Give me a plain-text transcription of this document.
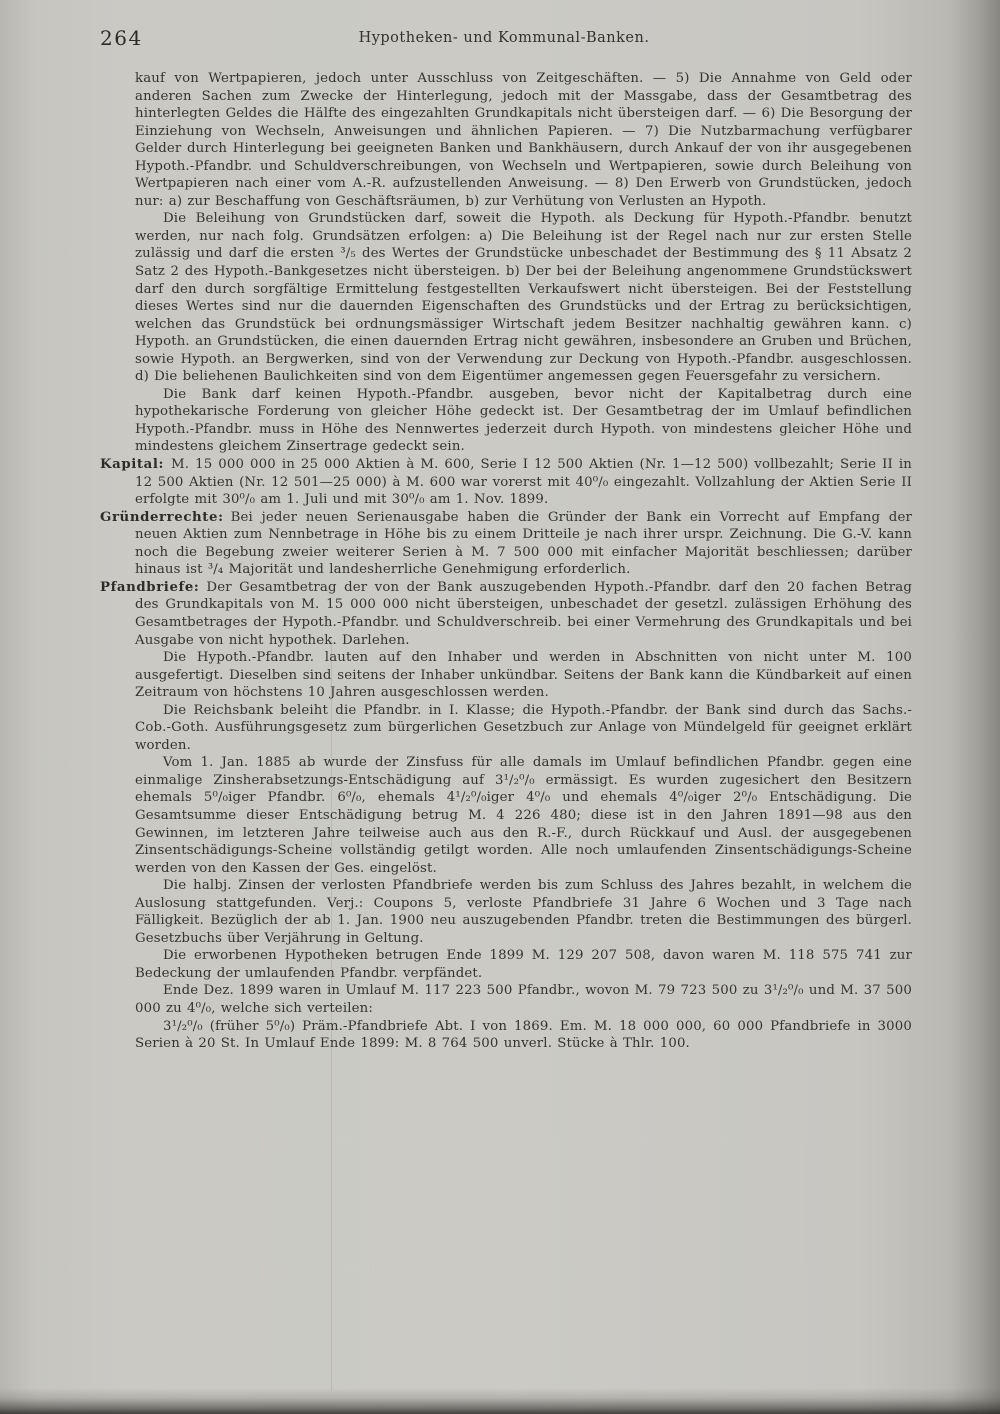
264	Hypotheken- und Kommunal-Banken.

kauf von Wertpapieren, jedoch unter Ausschluss von Zeitgeschäften. — 5) Die Annahme von Geld oder anderen Sachen zum Zwecke der Hinterlegung, jedoch mit der Massgabe, dass der Gesamtbetrag des hinterlegten Geldes die Hälfte des eingezahlten Grundkapitals nicht übersteigen darf. — 6) Die Besorgung der Einziehung von Wechseln, Anweisungen und ähnlichen Papieren. — 7) Die Nutzbarmachung verfügbarer Gelder durch Hinterlegung bei geeigneten Banken und Bankhäusern, durch Ankauf der von ihr ausgegebenen Hypoth.-Pfandbr. und Schuldverschreibungen, von Wechseln und Wertpapieren, sowie durch Beleihung von Wertpapieren nach einer vom A.-R. aufzustellenden Anweisung. — 8) Den Erwerb von Grundstücken, jedoch nur: a) zur Beschaffung von Geschäftsräumen, b) zur Verhütung von Verlusten an Hypoth.

Die Beleihung von Grundstücken darf, soweit die Hypoth. als Deckung für Hypoth.-Pfandbr. benutzt werden, nur nach folg. Grundsätzen erfolgen: a) Die Beleihung ist der Regel nach nur zur ersten Stelle zulässig und darf die ersten ³/₅ des Wertes der Grundstücke unbeschadet der Bestimmung des § 11 Absatz 2 Satz 2 des Hypoth.-Bankgesetzes nicht übersteigen. b) Der bei der Beleihung angenommene Grundstückswert darf den durch sorgfältige Ermittelung festgestellten Verkaufswert nicht übersteigen. Bei der Feststellung dieses Wertes sind nur die dauernden Eigenschaften des Grundstücks und der Ertrag zu berücksichtigen, welchen das Grundstück bei ordnungsmässiger Wirtschaft jedem Besitzer nachhaltig gewähren kann. c) Hypoth. an Grundstücken, die einen dauernden Ertrag nicht gewähren, insbesondere an Gruben und Brüchen, sowie Hypoth. an Bergwerken, sind von der Verwendung zur Deckung von Hypoth.-Pfandbr. ausgeschlossen. d) Die beliehenen Baulichkeiten sind von dem Eigentümer angemessen gegen Feuersgefahr zu versichern.

Die Bank darf keinen Hypoth.-Pfandbr. ausgeben, bevor nicht der Kapitalbetrag durch eine hypothekarische Forderung von gleicher Höhe gedeckt ist. Der Gesamtbetrag der im Umlauf befindlichen Hypoth.-Pfandbr. muss in Höhe des Nennwertes jederzeit durch Hypoth. von mindestens gleicher Höhe und mindestens gleichem Zinsertrage gedeckt sein.

Kapital: M. 15 000 000 in 25 000 Aktien à M. 600, Serie I 12 500 Aktien (Nr. 1—12 500) vollbezahlt; Serie II in 12 500 Aktien (Nr. 12 501—25 000) à M. 600 war vorerst mit 40⁰/₀ eingezahlt. Vollzahlung der Aktien Serie II erfolgte mit 30⁰/₀ am 1. Juli und mit 30⁰/₀ am 1. Nov. 1899.

Gründerrechte: Bei jeder neuen Serienausgabe haben die Gründer der Bank ein Vorrecht auf Empfang der neuen Aktien zum Nennbetrage in Höhe bis zu einem Dritteile je nach ihrer urspr. Zeichnung. Die G.-V. kann noch die Begebung zweier weiterer Serien à M. 7 500 000 mit einfacher Majorität beschliessen; darüber hinaus ist ³/₄ Majorität und landesherrliche Genehmigung erforderlich.

Pfandbriefe: Der Gesamtbetrag der von der Bank auszugebenden Hypoth.-Pfandbr. darf den 20 fachen Betrag des Grundkapitals von M. 15 000 000 nicht übersteigen, unbeschadet der gesetzl. zulässigen Erhöhung des Gesamtbetrages der Hypoth.-Pfandbr. und Schuldverschreib. bei einer Vermehrung des Grundkapitals und bei Ausgabe von nicht hypothek. Darlehen.

Die Hypoth.-Pfandbr. lauten auf den Inhaber und werden in Abschnitten von nicht unter M. 100 ausgefertigt. Dieselben sind seitens der Inhaber unkündbar. Seitens der Bank kann die Kündbarkeit auf einen Zeitraum von höchstens 10 Jahren ausgeschlossen werden.

Die Reichsbank beleiht die Pfandbr. in I. Klasse; die Hypoth.-Pfandbr. der Bank sind durch das Sachs.-Cob.-Goth. Ausführungsgesetz zum bürgerlichen Gesetzbuch zur Anlage von Mündelgeld für geeignet erklärt worden.

Vom 1. Jan. 1885 ab wurde der Zinsfuss für alle damals im Umlauf befindlichen Pfandbr. gegen eine einmalige Zinsherabsetzungs-Entschädigung auf 3¹/₂⁰/₀ ermässigt. Es wurden zugesichert den Besitzern ehemals 5⁰/₀iger Pfandbr. 6⁰/₀, ehemals 4¹/₂⁰/₀iger 4⁰/₀ und ehemals 4⁰/₀iger 2⁰/₀ Entschädigung. Die Gesamtsumme dieser Entschädigung betrug M. 4 226 480; diese ist in den Jahren 1891—98 aus den Gewinnen, im letzteren Jahre teilweise auch aus den R.-F., durch Rückkauf und Ausl. der ausgegebenen Zinsentschädigungs-Scheine vollständig getilgt worden. Alle noch umlaufenden Zinsentschädigungs-Scheine werden von den Kassen der Ges. eingelöst.

Die halbj. Zinsen der verlosten Pfandbriefe werden bis zum Schluss des Jahres bezahlt, in welchem die Auslosung stattgefunden. Verj.: Coupons 5, verloste Pfandbriefe 31 Jahre 6 Wochen und 3 Tage nach Fälligkeit. Bezüglich der ab 1. Jan. 1900 neu auszugebenden Pfandbr. treten die Bestimmungen des bürgerl. Gesetzbuchs über Verjährung in Geltung.

Die erworbenen Hypotheken betrugen Ende 1899 M. 129 207 508, davon waren M. 118 575 741 zur Bedeckung der umlaufenden Pfandbr. verpfändet.

Ende Dez. 1899 waren in Umlauf M. 117 223 500 Pfandbr., wovon M. 79 723 500 zu 3¹/₂⁰/₀ und M. 37 500 000 zu 4⁰/₀, welche sich verteilen:

3¹/₂⁰/₀ (früher 5⁰/₀) Präm.-Pfandbriefe Abt. I von 1869. Em. M. 18 000 000, 60 000 Pfandbriefe in 3000 Serien à 20 St. In Umlauf Ende 1899: M. 8 764 500 unverl. Stücke à Thlr. 100.
